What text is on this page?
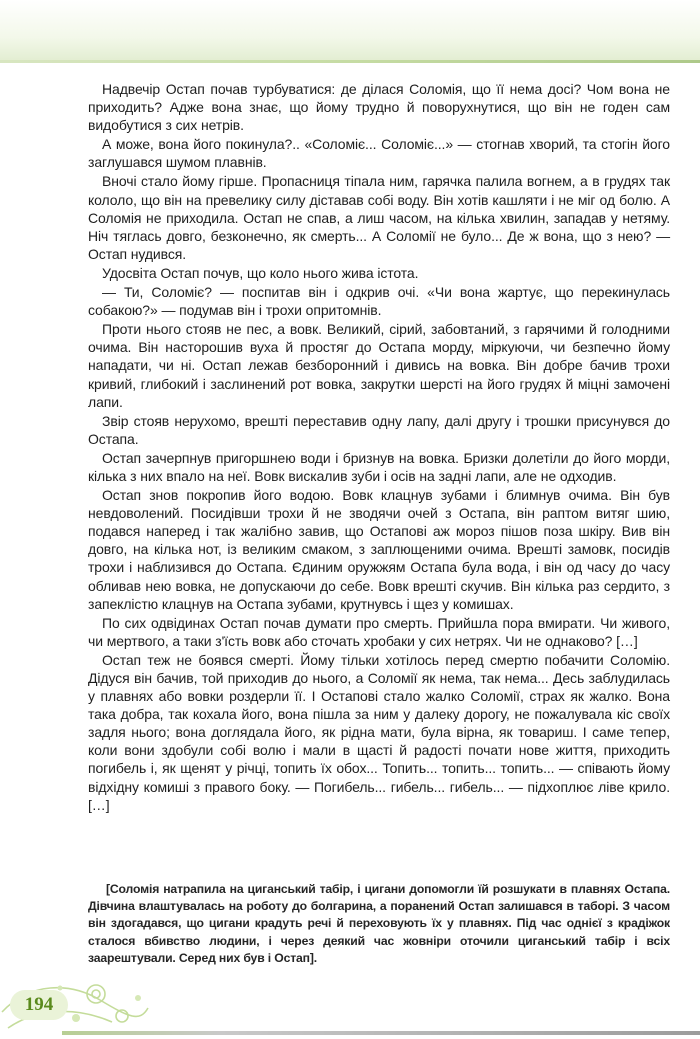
Надвечір Остап почав турбуватися: де ділася Соломія, що її нема досі? Чом вона не приходить? Адже вона знає, що йому трудно й поворухнутися, що він не годен сам видобутися з сих нетрів.

А може, вона його покинула?.. «Соломіє... Соломіє...» — стогнав хворий, та стогін його заглушався шумом плавнів.

Вночі стало йому гірше. Пропасниця тіпала ним, гарячка палила вогнем, а в грудях так кололо, що він на превелику силу діставав собі воду. Він хотів кашляти і не міг од болю. А Соломія не приходила. Остап не спав, а лиш часом, на кілька хвилин, западав у нетяму. Ніч тяглась довго, безконечно, як смерть... А Соломії не було... Де ж вона, що з нею? — Остап нудився.

Удосвіта Остап почув, що коло нього жива істота.

— Ти, Соломіє? — поспитав він і одкрив очі. «Чи вона жартує, що перекинулась собакою?» — подумав він і трохи опритомнів.

Проти нього стояв не пес, а вовк. Великий, сірий, забовтаний, з гарячими й голодними очима. Він насторошив вуха й простяг до Остапа морду, міркуючи, чи безпечно йому нападати, чи ні. Остап лежав безборонний і дивись на вовка. Він добре бачив трохи кривий, глибокий і заслинений рот вовка, закрутки шерсті на його грудях й міцні замочені лапи.

Звір стояв нерухомо, врешті переставив одну лапу, далі другу і трошки присунувся до Остапа.

Остап зачерпнув пригоршнею води і бризнув на вовка. Бризки долетіли до його морди, кілька з них впало на неї. Вовк вискалив зуби і осів на задні лапи, але не одходив.

Остап знов покропив його водою. Вовк клацнув зубами і блимнув очима. Він був невдоволений. Посидівши трохи й не зводячи очей з Остапа, він раптом витяг шию, подався наперед і так жалібно завив, що Остапові аж мороз пішов поза шкіру. Вив він довго, на кілька нот, із великим смаком, з заплющеними очима. Врешті замовк, посидів трохи і наблизився до Остапа. Єдиним оружжям Остапа була вода, і він од часу до часу обливав нею вовка, не допускаючи до себе. Вовк врешті скучив. Він кілька раз сердито, з запеклістю клацнув на Остапа зубами, крутнувсь і щез у комишах.

По сих одвідинах Остап почав думати про смерть. Прийшла пора вмирати. Чи живого, чи мертвого, а таки з'їсть вовк або сточать хробаки у сих нетрях. Чи не однаково? […]

Остап теж не боявся смерті. Йому тільки хотілось перед смертю побачити Соломію. Дідуся він бачив, той приходив до нього, а Соломії як нема, так нема... Десь заблудилась у плавнях або вовки роздерли її. І Остапові стало жалко Соломії, страх як жалко. Вона така добра, так кохала його, вона пішла за ним у далеку дорогу, не пожалувала кіс своїх задля нього; вона доглядала його, як рідна мати, була вірна, як товариш. І саме тепер, коли вони здобули собі волю і мали в щасті й радості почати нове життя, приходить погибель і, як щенят у річці, топить їх обох... Топить... топить... топить... — співають йому відхідну комиші з правого боку. — Погибель... гибель... гибель... — підхоплює ліве крило. […]

[Соломія натрапила на циганський табір, і цигани допомогли їй розшукати в плавнях Остапа. Дівчина влаштувалась на роботу до болгарина, а поранений Остап залишався в таборі. З часом він здогадався, що цигани крадуть речі й переховують їх у плавнях. Під час однієї з крадіжок сталося вбивство людини, і через деякий час жовніри оточили циганський табір і всіх заарештували. Серед них був і Остап].
194
